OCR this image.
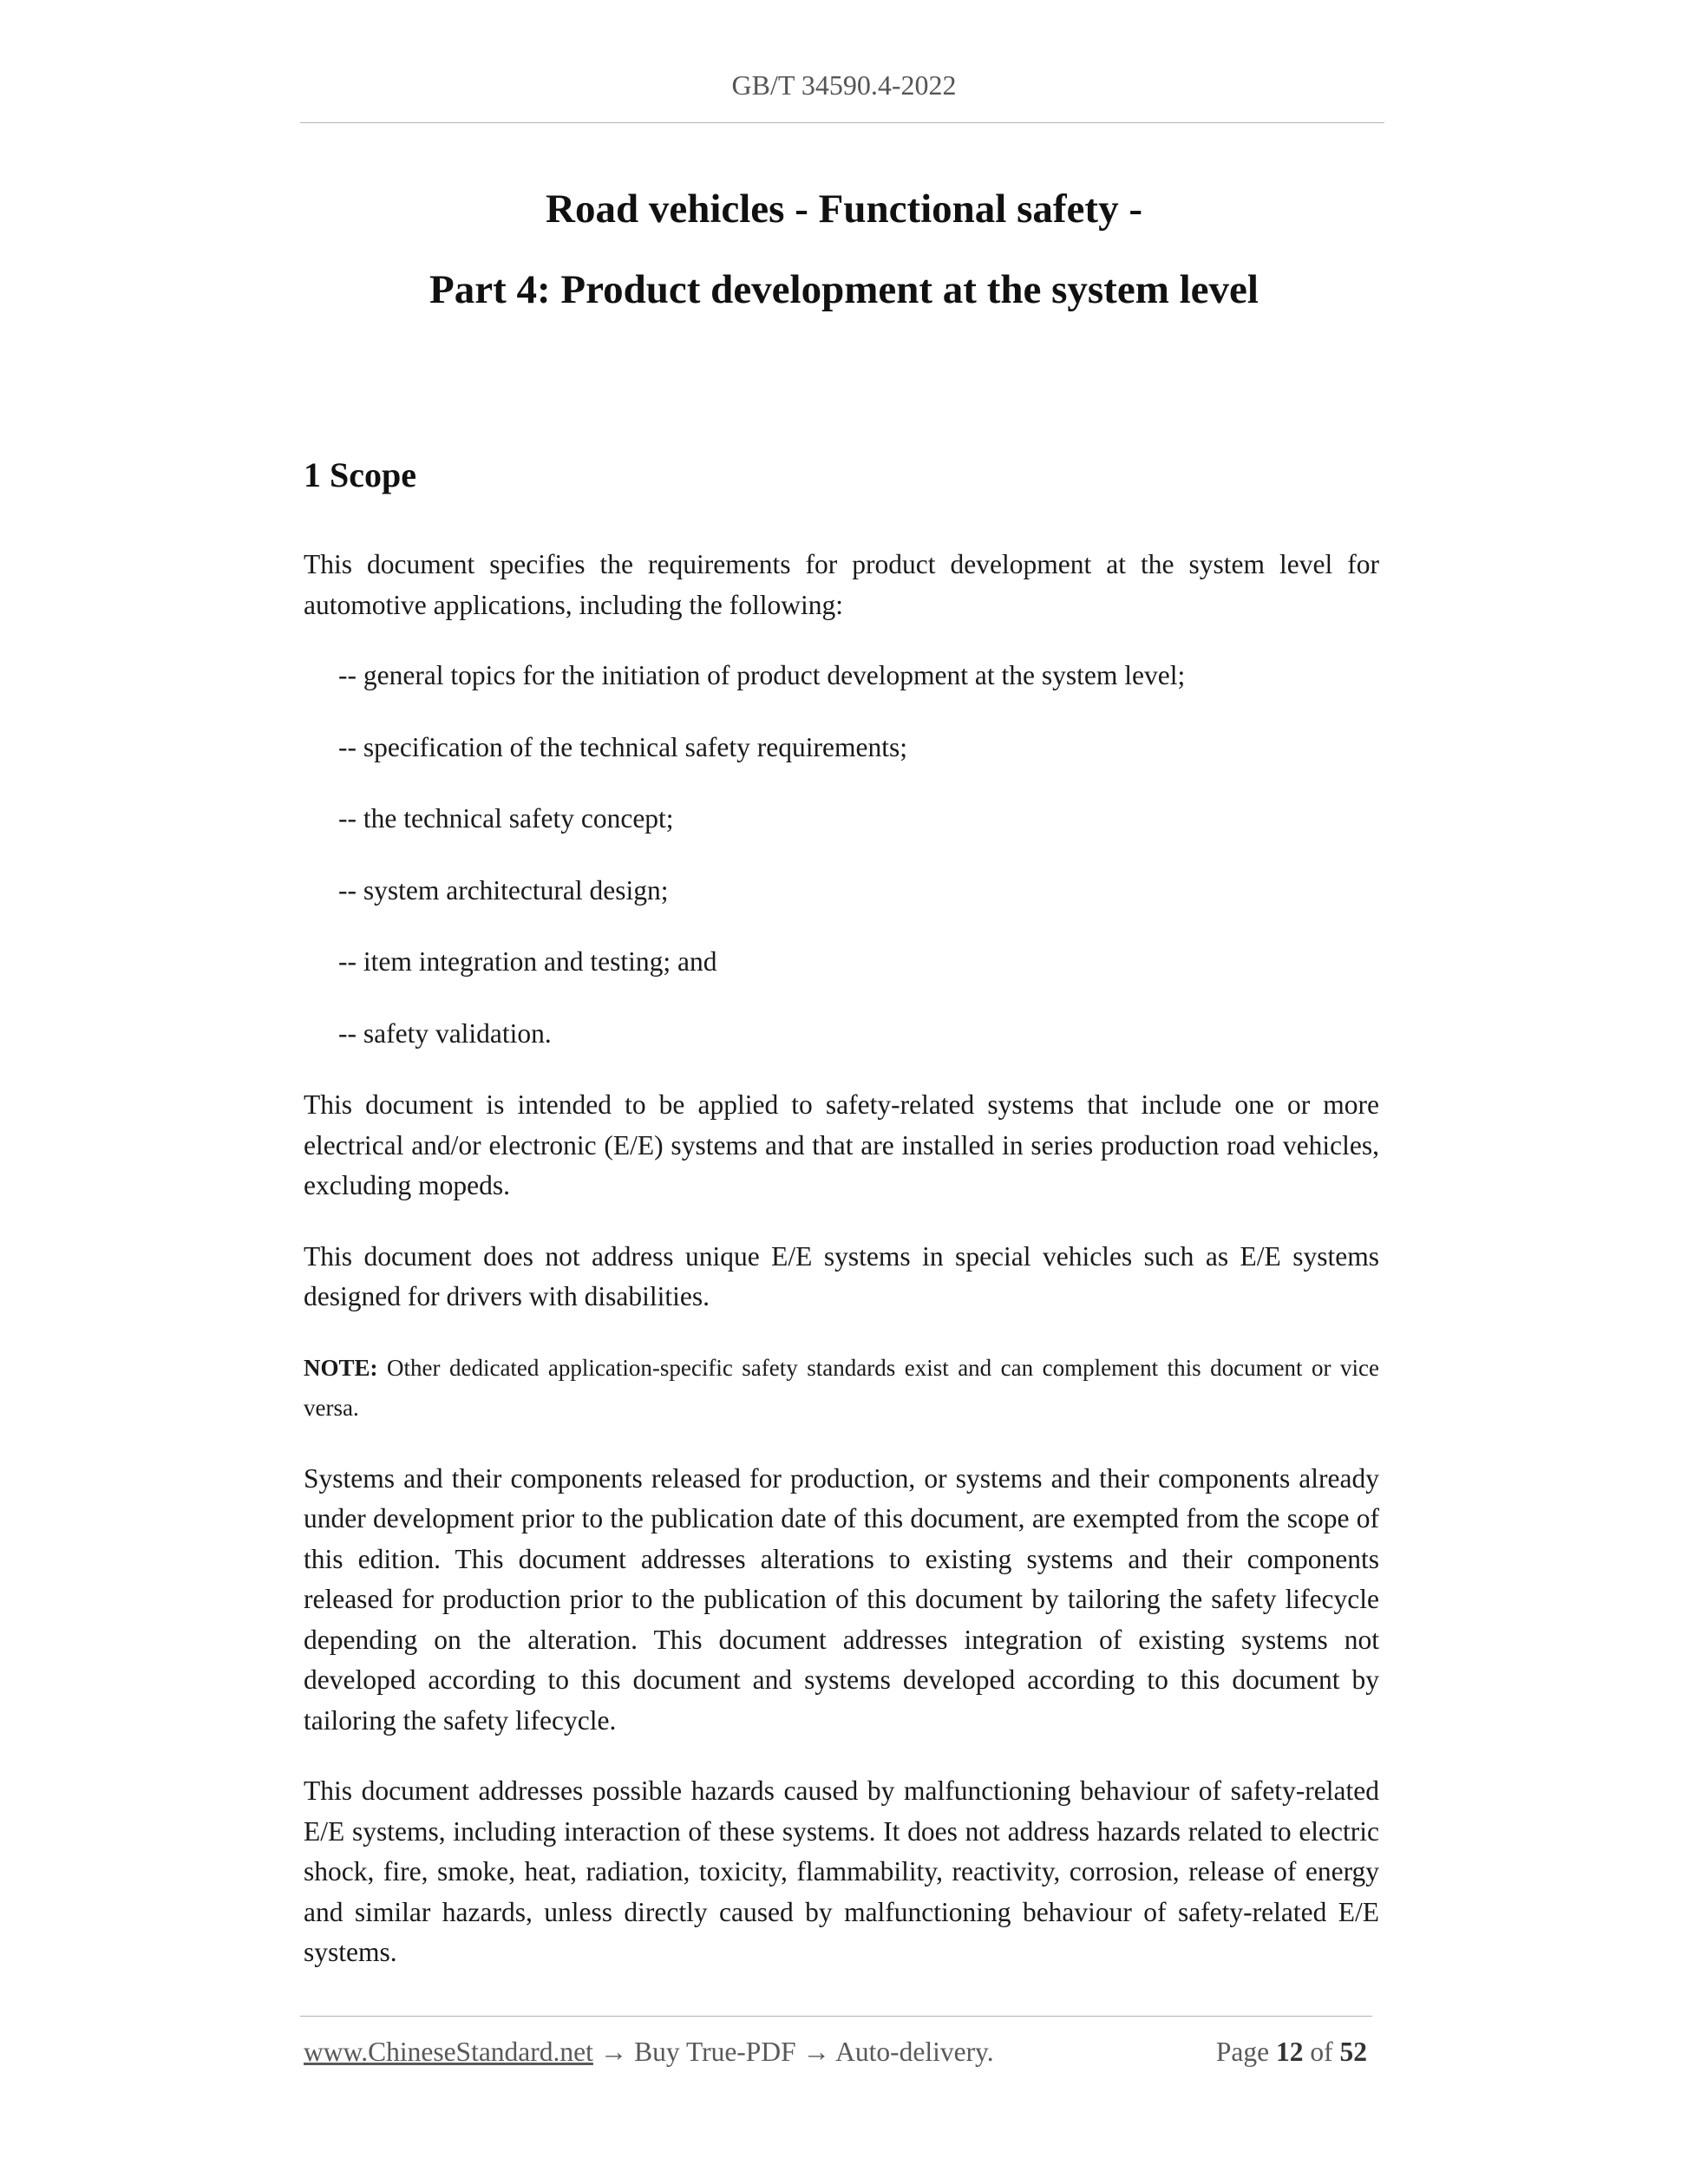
GB/T 34590.4-2022
Road vehicles - Functional safety -
Part 4: Product development at the system level
1 Scope

This document specifies the requirements for product development at the system level for automotive applications, including the following:

-- general topics for the initiation of product development at the system level;
-- specification of the technical safety requirements;
-- the technical safety concept;
-- system architectural design;
-- item integration and testing; and
-- safety validation.

This document is intended to be applied to safety-related systems that include one or more electrical and/or electronic (E/E) systems and that are installed in series production road vehicles, excluding mopeds.

This document does not address unique E/E systems in special vehicles such as E/E systems designed for drivers with disabilities.

NOTE: Other dedicated application-specific safety standards exist and can complement this document or vice versa.

Systems and their components released for production, or systems and their components already under development prior to the publication date of this document, are exempted from the scope of this edition. This document addresses alterations to existing systems and their components released for production prior to the publication of this document by tailoring the safety lifecycle depending on the alteration. This document addresses integration of existing systems not developed according to this document and systems developed according to this document by tailoring the safety lifecycle.

This document addresses possible hazards caused by malfunctioning behaviour of safety-related E/E systems, including interaction of these systems. It does not address hazards related to electric shock, fire, smoke, heat, radiation, toxicity, flammability, reactivity, corrosion, release of energy and similar hazards, unless directly caused by malfunctioning behaviour of safety-related E/E systems.

www.ChineseStandard.net → Buy True-PDF → Auto-delivery.	Page 12 of 52
